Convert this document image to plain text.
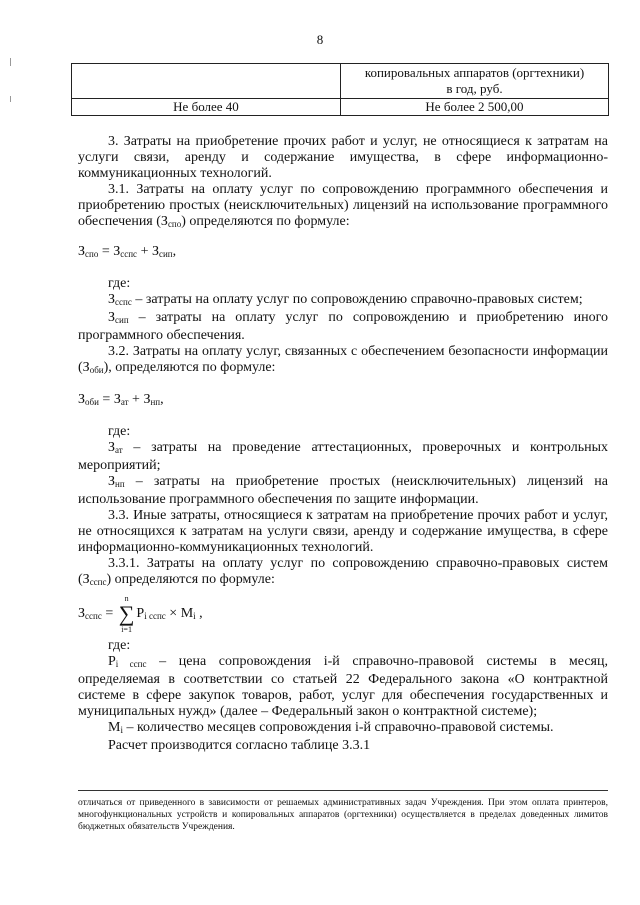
8
	копировальных аппаратов (оргтехники)
в год, руб.
Не более 40	Не более 2 500,00

3. Затраты на приобретение прочих работ и услуг, не относящиеся к затратам на услуги связи, аренду и содержание имущества, в сфере информационно-коммуникационных технологий.

3.1. Затраты на оплату услуг по сопровождению программного обеспечения и приобретению простых (неисключительных) лицензий на использование программного обеспечения $(З_{спо})$ определяются по формуле:

$З_{спо} = З_{сспс} + З_{сип}$,

где:

$З_{сспс}$ – затраты на оплату услуг по сопровождению справочно-правовых систем;

$З_{сип}$ – затраты на оплату услуг по сопровождению и приобретению иного программного обеспечения.

3.2. Затраты на оплату услуг, связанных с обеспечением безопасности информации $(З_{оби})$, определяются по формуле:

$З_{оби} = З_{ат} + З_{нп}$,

где:

$З_{ат}$ – затраты на проведение аттестационных, проверочных и контрольных мероприятий;

$З_{нп}$ – затраты на приобретение простых (неисключительных) лицензий на использование программного обеспечения по защите информации.

3.3. Иные затраты, относящиеся к затратам на приобретение прочих работ и услуг, не относящихся к затратам на услуги связи, аренду и содержание имущества, в сфере информационно-коммуникационных технологий.

3.3.1. Затраты на оплату услуг по сопровождению справочно-правовых систем $(З_{сспс})$ определяются по формуле:

$З_{сспс}$ =
n
∑
i=1
$P_{i сспс} \times M_i$ ,

где:

$P_{i сспс}$ – цена сопровождения i-й справочно-правовой системы в месяц, определяемая в соответствии со статьей 22 Федерального закона «О контрактной системе в сфере закупок товаров, работ, услуг для обеспечения государственных и муниципальных нужд» (далее – Федеральный закон о контрактной системе);

$M_i$ – количество месяцев сопровождения i-й справочно-правовой системы.

Расчет производится согласно таблице 3.3.1

отличаться от приведенного в зависимости от решаемых административных задач Учреждения. При этом оплата принтеров, многофункциональных устройств и копировальных аппаратов (оргтехники) осуществляется в пределах доведенных лимитов бюджетных обязательств Учреждения.
